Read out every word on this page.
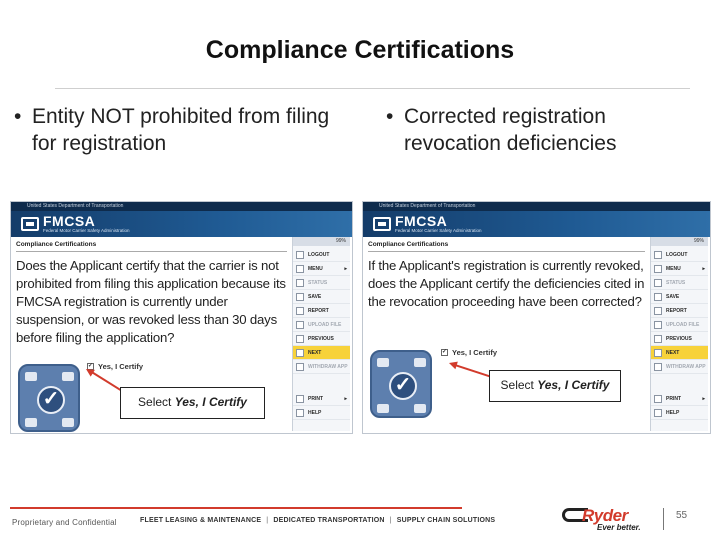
Compliance Certifications
• Entity NOT prohibited from filing for registration
• Corrected registration revocation deficiencies
United States Department of Transportation
FMCSA
Federal Motor Carrier Safety Administration
Compliance Certifications
Does the Applicant certify that the carrier is not prohibited from filing this application because its FMCSA registration is currently under suspension, or was revoked less than 30 days before filing the application?
✓ Yes, I Certify
✓	Select Yes, I Certify
99%
LOGOUT
MENU	▸
STATUS
SAVE
REPORT
UPLOAD FILE
PREVIOUS
NEXT
WITHDRAW APP
PRINT	▸
HELP
United States Department of Transportation
FMCSA
Federal Motor Carrier Safety Administration
Compliance Certifications
If the Applicant's registration is currently revoked, does the Applicant certify the deficiencies cited in the revocation proceeding have been corrected?
✓ Yes, I Certify
✓	Select Yes, I Certify
99%
LOGOUT
MENU	▸
STATUS
SAVE
REPORT
UPLOAD FILE
PREVIOUS
NEXT
WITHDRAW APP
PRINT	▸
HELP
Proprietary and Confidential	FLEET LEASING & MAINTENANCE | DEDICATED TRANSPORTATION | SUPPLY CHAIN SOLUTIONS	Ryder
Ever better.
55
